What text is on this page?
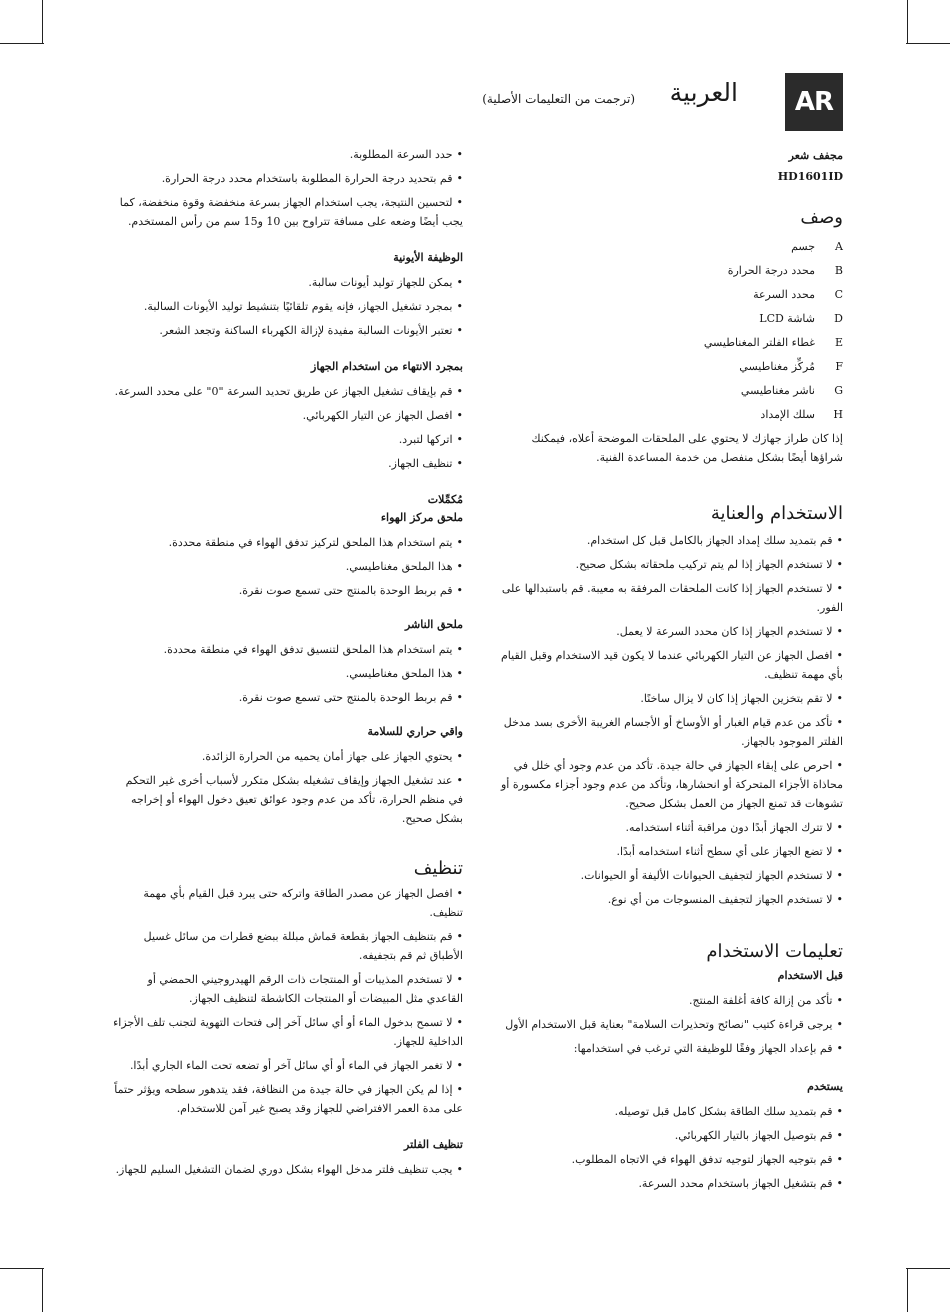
AR
العربية
(ترجمت من التعليمات الأصلية)

مجفف شعر

HD1601ID

وصف
A
جسم
B
محدد درجة الحرارة
C
محدد السرعة
D
شاشة LCD
E
غطاء الفلتر المغناطيسي
F
مُركِّز مغناطيسي
G
ناشر مغناطيسي
H
سلك الإمداد

إذا كان طراز جهازك لا يحتوي على الملحقات الموضحة أعلاه، فيمكنك شراؤها أيضًا بشكل منفصل من خدمة المساعدة الفنية.

الاستخدام والعناية
• قم بتمديد سلك إمداد الجهاز بالكامل قبل كل استخدام.
• لا تستخدم الجهاز إذا لم يتم تركيب ملحقاته بشكل صحيح.
• لا تستخدم الجهاز إذا كانت الملحقات المرفقة به معيبة. قم باستبدالها على الفور.
• لا تستخدم الجهاز إذا كان محدد السرعة لا يعمل.
• افصل الجهاز عن التيار الكهربائي عندما لا يكون قيد الاستخدام وقبل القيام بأي مهمة تنظيف.
• لا تقم بتخزين الجهاز إذا كان لا يزال ساخنًا.
• تأكد من عدم قيام الغبار أو الأوساخ أو الأجسام الغريبة الأخرى بسد مدخل الفلتر الموجود بالجهاز.
• احرص على إبقاء الجهاز في حالة جيدة. تأكد من عدم وجود أي خلل في محاذاة الأجزاء المتحركة أو انحشارها، وتأكد من عدم وجود أجزاء مكسورة أو تشوهات قد تمنع الجهاز من العمل بشكل صحيح.
• لا تترك الجهاز أبدًا دون مراقبة أثناء استخدامه.
• لا تضع الجهاز على أي سطح أثناء استخدامه أبدًا.
• لا تستخدم الجهاز لتجفيف الحيوانات الأليفة أو الحيوانات.
• لا تستخدم الجهاز لتجفيف المنسوجات من أي نوع.
تعليمات الاستخدام

قبل الاستخدام

• تأكد من إزالة كافة أغلفة المنتج.
• يرجى قراءة كتيب "نصائح وتحذيرات السلامة" بعناية قبل الاستخدام الأول
• قم بإعداد الجهاز وفقًا للوظيفة التي ترغب في استخدامها:

يستخدم

• قم بتمديد سلك الطاقة بشكل كامل قبل توصيله.
• قم بتوصيل الجهاز بالتيار الكهربائي.
• قم بتوجيه الجهاز لتوجيه تدفق الهواء في الاتجاه المطلوب.
• قم بتشغيل الجهاز باستخدام محدد السرعة.
• حدد السرعة المطلوبة.
• قم بتحديد درجة الحرارة المطلوبة باستخدام محدد درجة الحرارة.
• لتحسين النتيجة، يجب استخدام الجهاز بسرعة منخفضة وقوة منخفضة، كما يجب أيضًا وضعه على مسافة تتراوح بين 10 و15 سم من رأس المستخدم.

الوظيفة الأيونية

• يمكن للجهاز توليد أيونات سالبة.
• بمجرد تشغيل الجهاز، فإنه يقوم تلقائيًا بتنشيط توليد الأيونات السالبة.
• تعتبر الأيونات السالبة مفيدة لإزالة الكهرباء الساكنة وتجعد الشعر.

بمجرد الانتهاء من استخدام الجهاز

• قم بإيقاف تشغيل الجهاز عن طريق تحديد السرعة "0" على محدد السرعة.
• افصل الجهاز عن التيار الكهربائي.
• اتركها لتبرد.
• تنظيف الجهاز.

مُكمِّلات

ملحق مركز الهواء

• يتم استخدام هذا الملحق لتركيز تدفق الهواء في منطقة محددة.
• هذا الملحق مغناطيسي.
• قم بربط الوحدة بالمنتج حتى تسمع صوت نقرة.

ملحق الناشر

• يتم استخدام هذا الملحق لتنسيق تدفق الهواء في منطقة محددة.
• هذا الملحق مغناطيسي.
• قم بربط الوحدة بالمنتج حتى تسمع صوت نقرة.

واقي حراري للسلامة

• يحتوي الجهاز على جهاز أمان يحميه من الحرارة الزائدة.
• عند تشغيل الجهاز وإيقاف تشغيله بشكل متكرر لأسباب أخرى غير التحكم في منظم الحرارة، تأكد من عدم وجود عوائق تعيق دخول الهواء أو إخراجه بشكل صحيح.
تنظيف
• افصل الجهاز عن مصدر الطاقة واتركه حتى يبرد قبل القيام بأي مهمة تنظيف.
• قم بتنظيف الجهاز بقطعة قماش مبللة ببضع قطرات من سائل غسيل الأطباق ثم قم بتجفيفه.
• لا تستخدم المذيبات أو المنتجات ذات الرقم الهيدروجيني الحمضي أو القاعدي مثل المبيضات أو المنتجات الكاشطة لتنظيف الجهاز.
• لا تسمح بدخول الماء أو أي سائل آخر إلى فتحات التهوية لتجنب تلف الأجزاء الداخلية للجهاز.
• لا تغمر الجهاز في الماء أو أي سائل آخر أو تضعه تحت الماء الجاري أبدًا.
• إذا لم يكن الجهاز في حالة جيدة من النظافة، فقد يتدهور سطحه ويؤثر حتماً على مدة العمر الافتراضي للجهاز وقد يصبح غير آمن للاستخدام.

تنظيف الفلتر

• يجب تنظيف فلتر مدخل الهواء بشكل دوري لضمان التشغيل السليم للجهاز.
